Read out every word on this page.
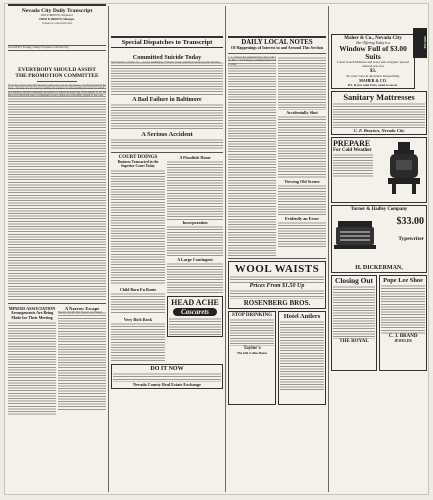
Nevada City Daily Transcript
NAT P. BROWN, Proprietor.
FRED B. BROWN, Manager.
TERMS OF SUBSCRIPTION
Second Entry Evening. Sundays Excepted, at Nevada City
EVERYBODY SHOULD ASSIST
THE PROMOTION COMMITTEE
Of all the greatest steps that Nevada County ever took for the purpose of putting herself in the front... the man who has been by reading and attentive in understanding the needs for which a new hundred, and the committee, the benefits of which are deserving of the support of all. We know how much has been accomplished toward capital and advertising citizens of the town.
MINERS ASSOCIATION
Arrangements Are Being Made for Their Meeting
A Narrow Escape
Nevada City Mr. Bert Stewart was injured...
Special Dispatches to Transcript
Committed Suicide Today
San Francisco, October 15 — George Washington of Weaver Creek committed suicide here this morning.
A Bad Failure in Baltimore
A Serious Accident
COURT DOINGS
Business Transacted in the Superior Court Today
Child Born En Route
Very Rich Rock
A Floodtide Home
Incorporation
A Large Contingent
HEAD ACHE
Cascarets
DO IT NOW
Nevada County Real Estate Exchange
DAILY LOCAL NOTES
Of Happenings of Interest in and Around This Section
C. C. Jackson has returned from a trip to the city. Mrs. J. S. Partridge is visiting friends in the valley.
Accidentally Shot
Viewing Old Scenes
Evidently an Error
WOOL WAISTS
Prices From $1.50 Up
ROSENBERG BROS.
STOP DRINKING
Taylor's
The Old Coffee House
Hotel Antlers
SPECIAL
Maher & Co., Nevada City
Our Offering Today is a
Window Full of $3.00 Suits
Latest Scotch Mixtures and every suit a bargain. Special reduced price for
$3.
No voter voter in the bunch. Respectfully,
MAHER & CO.
P.S. If you want Furs, come to see us.
Sanitary Mattresses
C. F. Brayton, Nevada City
PREPARE
For Cold Weather
Turner & Hadley Company
$33.00
Typewriter
H. DICKERMAN,
Closing Out
THE ROYAL
Pope Lee Shoe
C. J. BRAND
JEWELER
